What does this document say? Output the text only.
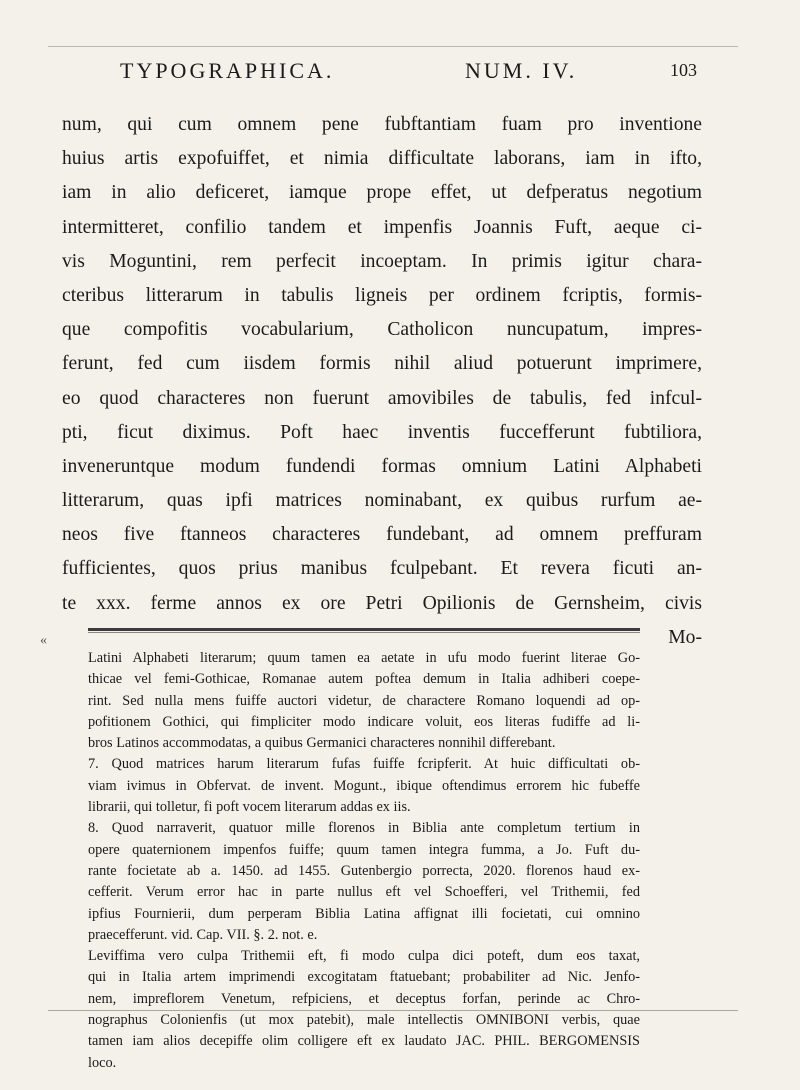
TYPOGRAPHICA.	NUM. IV.	103
num, qui cum omnem pene fubftantiam fuam pro inventione
huius artis expofuiffet, et nimia difficultate laborans, iam in ifto,
iam in alio deficeret, iamque prope effet, ut defperatus negotium
intermitteret, confilio tandem et impenfis Joannis Fuft, aeque ci-
vis Moguntini, rem perfecit incoeptam. In primis igitur chara-
cteribus litterarum in tabulis ligneis per ordinem fcriptis, formis-
que compofitis vocabularium, Catholicon nuncupatum, impres-
ferunt, fed cum iisdem formis nihil aliud potuerunt imprimere,
eo quod characteres non fuerunt amovibiles de tabulis, fed infcul-
pti, ficut diximus. Poft haec inventis fuccefferunt fubtiliora,
inveneruntque modum fundendi formas omnium Latini Alphabeti
litterarum, quas ipfi matrices nominabant, ex quibus rurfum ae-
neos five ftanneos characteres fundebant, ad omnem preffuram
fufficientes, quos prius manibus fculpebant. Et revera ficuti an-
te xxx. ferme annos ex ore Petri Opilionis de Gernsheim, civis
Mo-
«
Latini Alphabeti literarum; quum tamen ea aetate in ufu modo fuerint literae Go-
thicae vel femi-Gothicae, Romanae autem poftea demum in Italia adhiberi coepe-
rint. Sed nulla mens fuiffe auctori videtur, de charactere Romano loquendi ad op-
pofitionem Gothici, qui fimpliciter modo indicare voluit, eos literas fudiffe ad li-
bros Latinos accommodatas, a quibus Germanici characteres nonnihil differebant.
7. Quod matrices harum literarum fufas fuiffe fcripferit. At huic difficultati ob-
viam ivimus in Obfervat. de invent. Mogunt., ibique oftendimus errorem hic fubeffe
librarii, qui tolletur, fi poft vocem literarum addas ex iis.
8. Quod narraverit, quatuor mille florenos in Biblia ante completum tertium in
opere quaternionem impenfos fuiffe; quum tamen integra fumma, a Jo. Fuft du-
rante focietate ab a. 1450. ad 1455. Gutenbergio porrecta, 2020. florenos haud ex-
cefferit. Verum error hac in parte nullus eft vel Schoefferi, vel Trithemii, fed
ipfius Fournierii, dum perperam Biblia Latina affignat illi focietati, cui omnino
praecefferunt. vid. Cap. VII. §. 2. not. e.
Leviffima vero culpa Trithemii eft, fi modo culpa dici poteft, dum eos taxat,
qui in Italia artem imprimendi excogitatam ftatuebant; probabiliter ad Nic. Jenfo-
nem, impreflorem Venetum, refpiciens, et deceptus forfan, perinde ac Chro-
nographus Colonienfis (ut mox patebit), male intellectis OMNIBONI verbis, quae
tamen iam alios decepiffe olim colligere eft ex laudato JAC. PHIL. BERGOMENSIS
loco.
